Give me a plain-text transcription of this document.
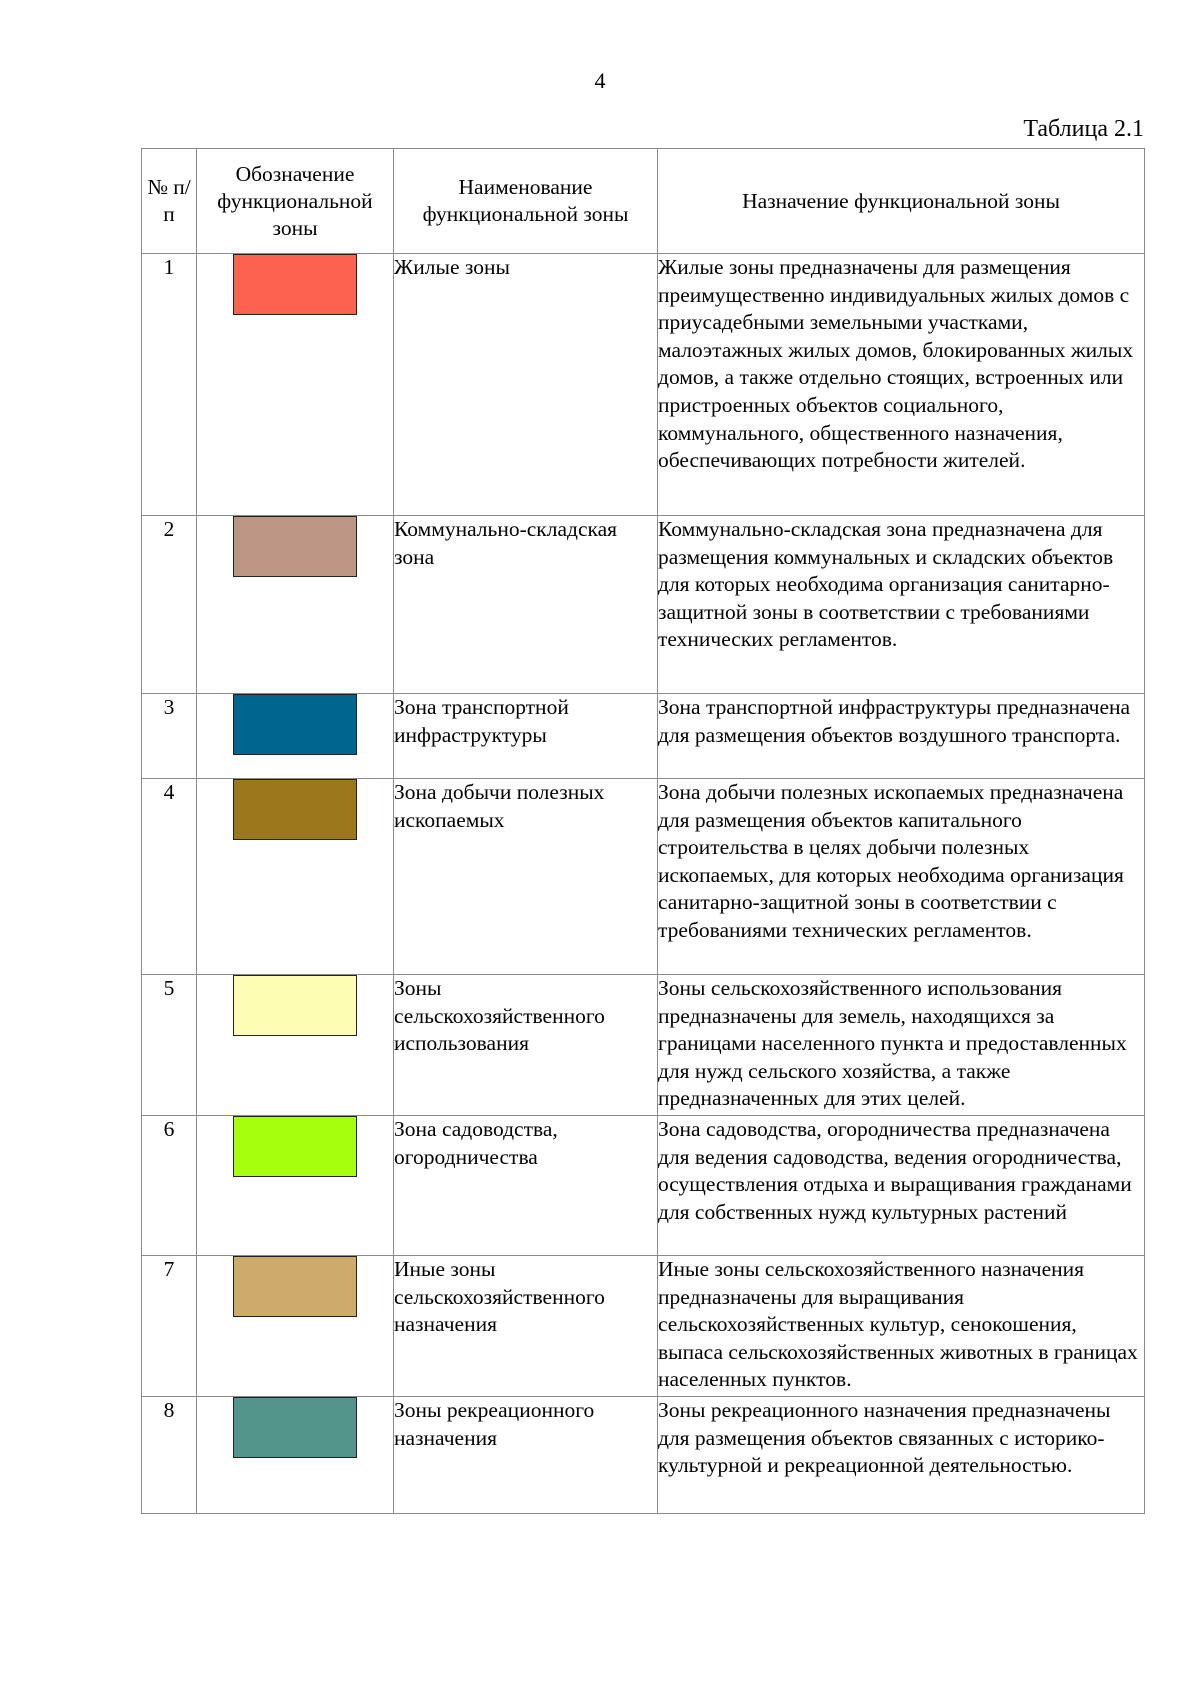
4
Таблица 2.1
№ п/п	Обозначение функциональной зоны	Наименование функциональной зоны	Назначение функциональной зоны
1		Жилые зоны	Жилые зоны предназначены для размещения преимущественно индивидуальных жилых домов с приусадебными земельными участками, малоэтажных жилых домов, блокированных жилых домов, а также отдельно стоящих, встроенных или пристроенных объектов социального, коммунального, общественного назначения, обеспечивающих потребности жителей.
2		Коммунально-складская зона	Коммунально-складская зона предназначена для размещения коммунальных и складских объектов для которых необходима организация санитарно-защитной зоны в соответствии с требованиями технических регламентов.
3		Зона транспортной инфраструктуры	Зона транспортной инфраструктуры предназначена для размещения объектов воздушного транспорта.
4		Зона добычи полезных ископаемых	Зона добычи полезных ископаемых предназначена для размещения объектов капитального строительства в целях добычи полезных ископаемых, для которых необходима организация санитарно-защитной зоны в соответствии с требованиями технических регламентов.
5		Зоны сельскохозяйственного использования	Зоны сельскохозяйственного использования предназначены для земель, находящихся за границами населенного пункта и предоставленных для нужд сельского хозяйства, а также предназначенных для этих целей.
6		Зона садоводства, огородничества	Зона садоводства, огородничества предназначена для ведения садоводства, ведения огородничества, осуществления отдыха и выращивания гражданами для собственных нужд культурных растений
7		Иные зоны сельскохозяйственного назначения	Иные зоны сельскохозяйственного назначения предназначены для выращивания сельскохозяйственных культур, сенокошения, выпаса сельскохозяйственных животных в границах населенных пунктов.
8		Зоны рекреационного назначения	Зоны рекреационного назначения предназначены для размещения объектов связанных с историко-культурной и рекреационной деятельностью.
